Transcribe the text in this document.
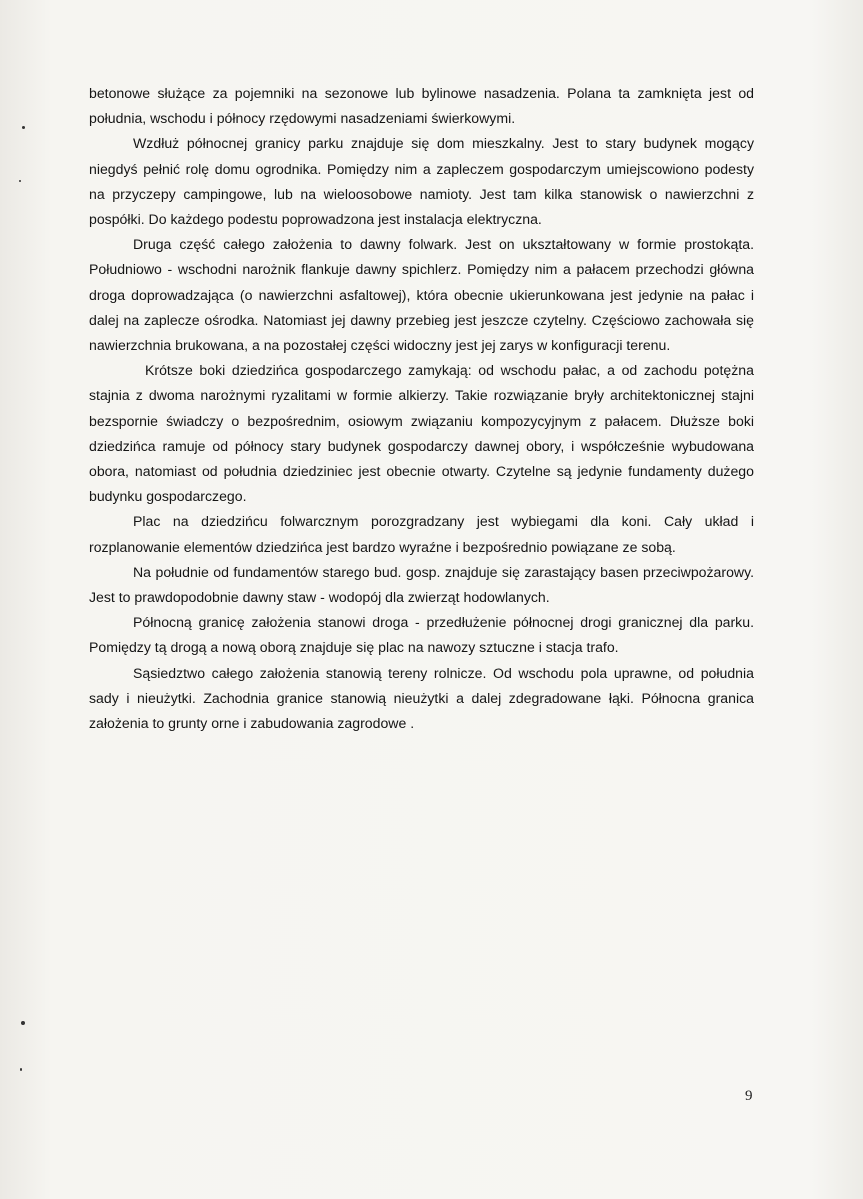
betonowe służące za pojemniki na sezonowe lub bylinowe nasadzenia. Polana ta zamknięta jest od południa, wschodu i północy rzędowymi nasadzeniami świerkowymi.

Wzdłuż północnej granicy parku znajduje się dom mieszkalny. Jest to stary budynek mogący niegdyś pełnić rolę domu ogrodnika. Pomiędzy nim a zapleczem gospodarczym umiejscowiono podesty na przyczepy campingowe, lub na wieloosobowe namioty. Jest tam kilka stanowisk o nawierzchni z pospółki. Do każdego podestu poprowadzona jest instalacja elektryczna.

Druga część całego założenia to dawny folwark. Jest on ukształtowany w formie prostokąta. Południowo - wschodni narożnik flankuje dawny spichlerz. Pomiędzy nim a pałacem przechodzi główna droga doprowadzająca (o nawierzchni asfaltowej), która obecnie ukierunkowana jest jedynie na pałac i dalej na zaplecze ośrodka. Natomiast jej dawny przebieg jest jeszcze czytelny. Częściowo zachowała się nawierzchnia brukowana, a na pozostałej części widoczny jest jej zarys w konfiguracji terenu.

Krótsze boki dziedzińca gospodarczego zamykają: od wschodu pałac, a od zachodu potężna stajnia z dwoma narożnymi ryzalitami w formie alkierzy. Takie rozwiązanie bryły architektonicznej stajni bezspornie świadczy o bezpośrednim, osiowym związaniu kompozycyjnym z pałacem. Dłuższe boki dziedzińca ramuje od północy stary budynek gospodarczy dawnej obory, i współcześnie wybudowana obora, natomiast od południa dziedziniec jest obecnie otwarty. Czytelne są jedynie fundamenty dużego budynku gospodarczego.

Plac na dziedzińcu folwarcznym porozgradzany jest wybiegami dla koni. Cały układ i rozplanowanie elementów dziedzińca jest bardzo wyraźne i bezpośrednio powiązane ze sobą.

Na południe od fundamentów starego bud. gosp. znajduje się zarastający basen przeciwpożarowy. Jest to prawdopodobnie dawny staw - wodopój dla zwierząt hodowlanych.

Północną granicę założenia stanowi droga - przedłużenie północnej drogi granicznej dla parku. Pomiędzy tą drogą a nową oborą znajduje się plac na nawozy sztuczne i stacja trafo.

Sąsiedztwo całego założenia stanowią tereny rolnicze. Od wschodu pola uprawne, od południa sady i nieużytki. Zachodnia granice stanowią nieużytki a dalej zdegradowane łąki. Północna granica założenia to grunty orne i zabudowania zagrodowe .

9
